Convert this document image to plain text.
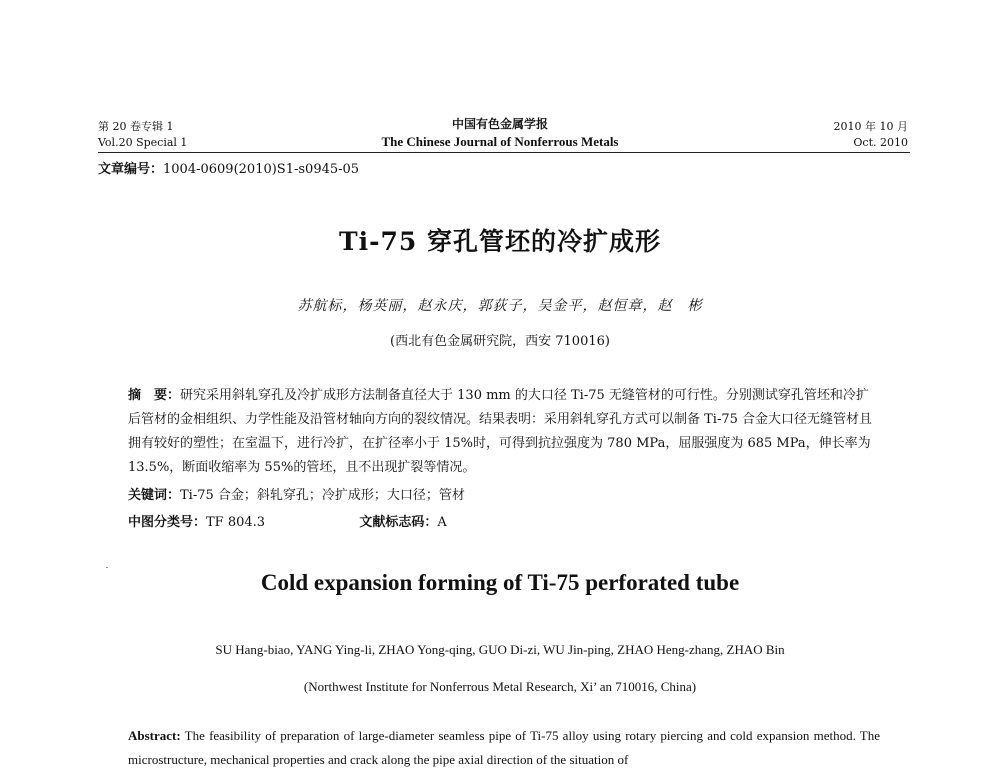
第 20 卷专辑 1
Vol.20 Special 1
中国有色金属学报
The Chinese Journal of Nonferrous Metals
2010 年 10 月
Oct. 2010
文章编号：1004-0609(2010)S1-s0945-05
Ti-75 穿孔管坯的冷扩成形
苏航标，杨英丽，赵永庆，郭荻子，吴金平，赵恒章，赵　彬
(西北有色金属研究院，西安 710016)
摘　要：研究采用斜轧穿孔及冷扩成形方法制备直径大于 130 mm 的大口径 Ti-75 无缝管材的可行性。分别测试穿孔管坯和冷扩后管材的金相组织、力学性能及沿管材轴向方向的裂纹情况。结果表明：采用斜轧穿孔方式可以制备 Ti-75 合金大口径无缝管材且拥有较好的塑性；在室温下，进行冷扩，在扩径率小于 15%时，可得到抗拉强度为 780 MPa，屈服强度为 685 MPa，伸长率为 13.5%，断面收缩率为 55%的管坯，且不出现扩裂等情况。
关键词：Ti-75 合金；斜轧穿孔；冷扩成形；大口径；管材
中图分类号：TF 804.3	文献标志码：A
Cold expansion forming of Ti-75 perforated tube
SU Hang-biao, YANG Ying-li, ZHAO Yong-qing, GUO Di-zi, WU Jin-ping, ZHAO Heng-zhang, ZHAO Bin
(Northwest Institute for Nonferrous Metal Research, Xi’ an 710016, China)
Abstract: The feasibility of preparation of large-diameter seamless pipe of Ti-75 alloy using rotary piercing and cold expansion method. The microstructure, mechanical properties and crack along the pipe axial direction of the situation of
